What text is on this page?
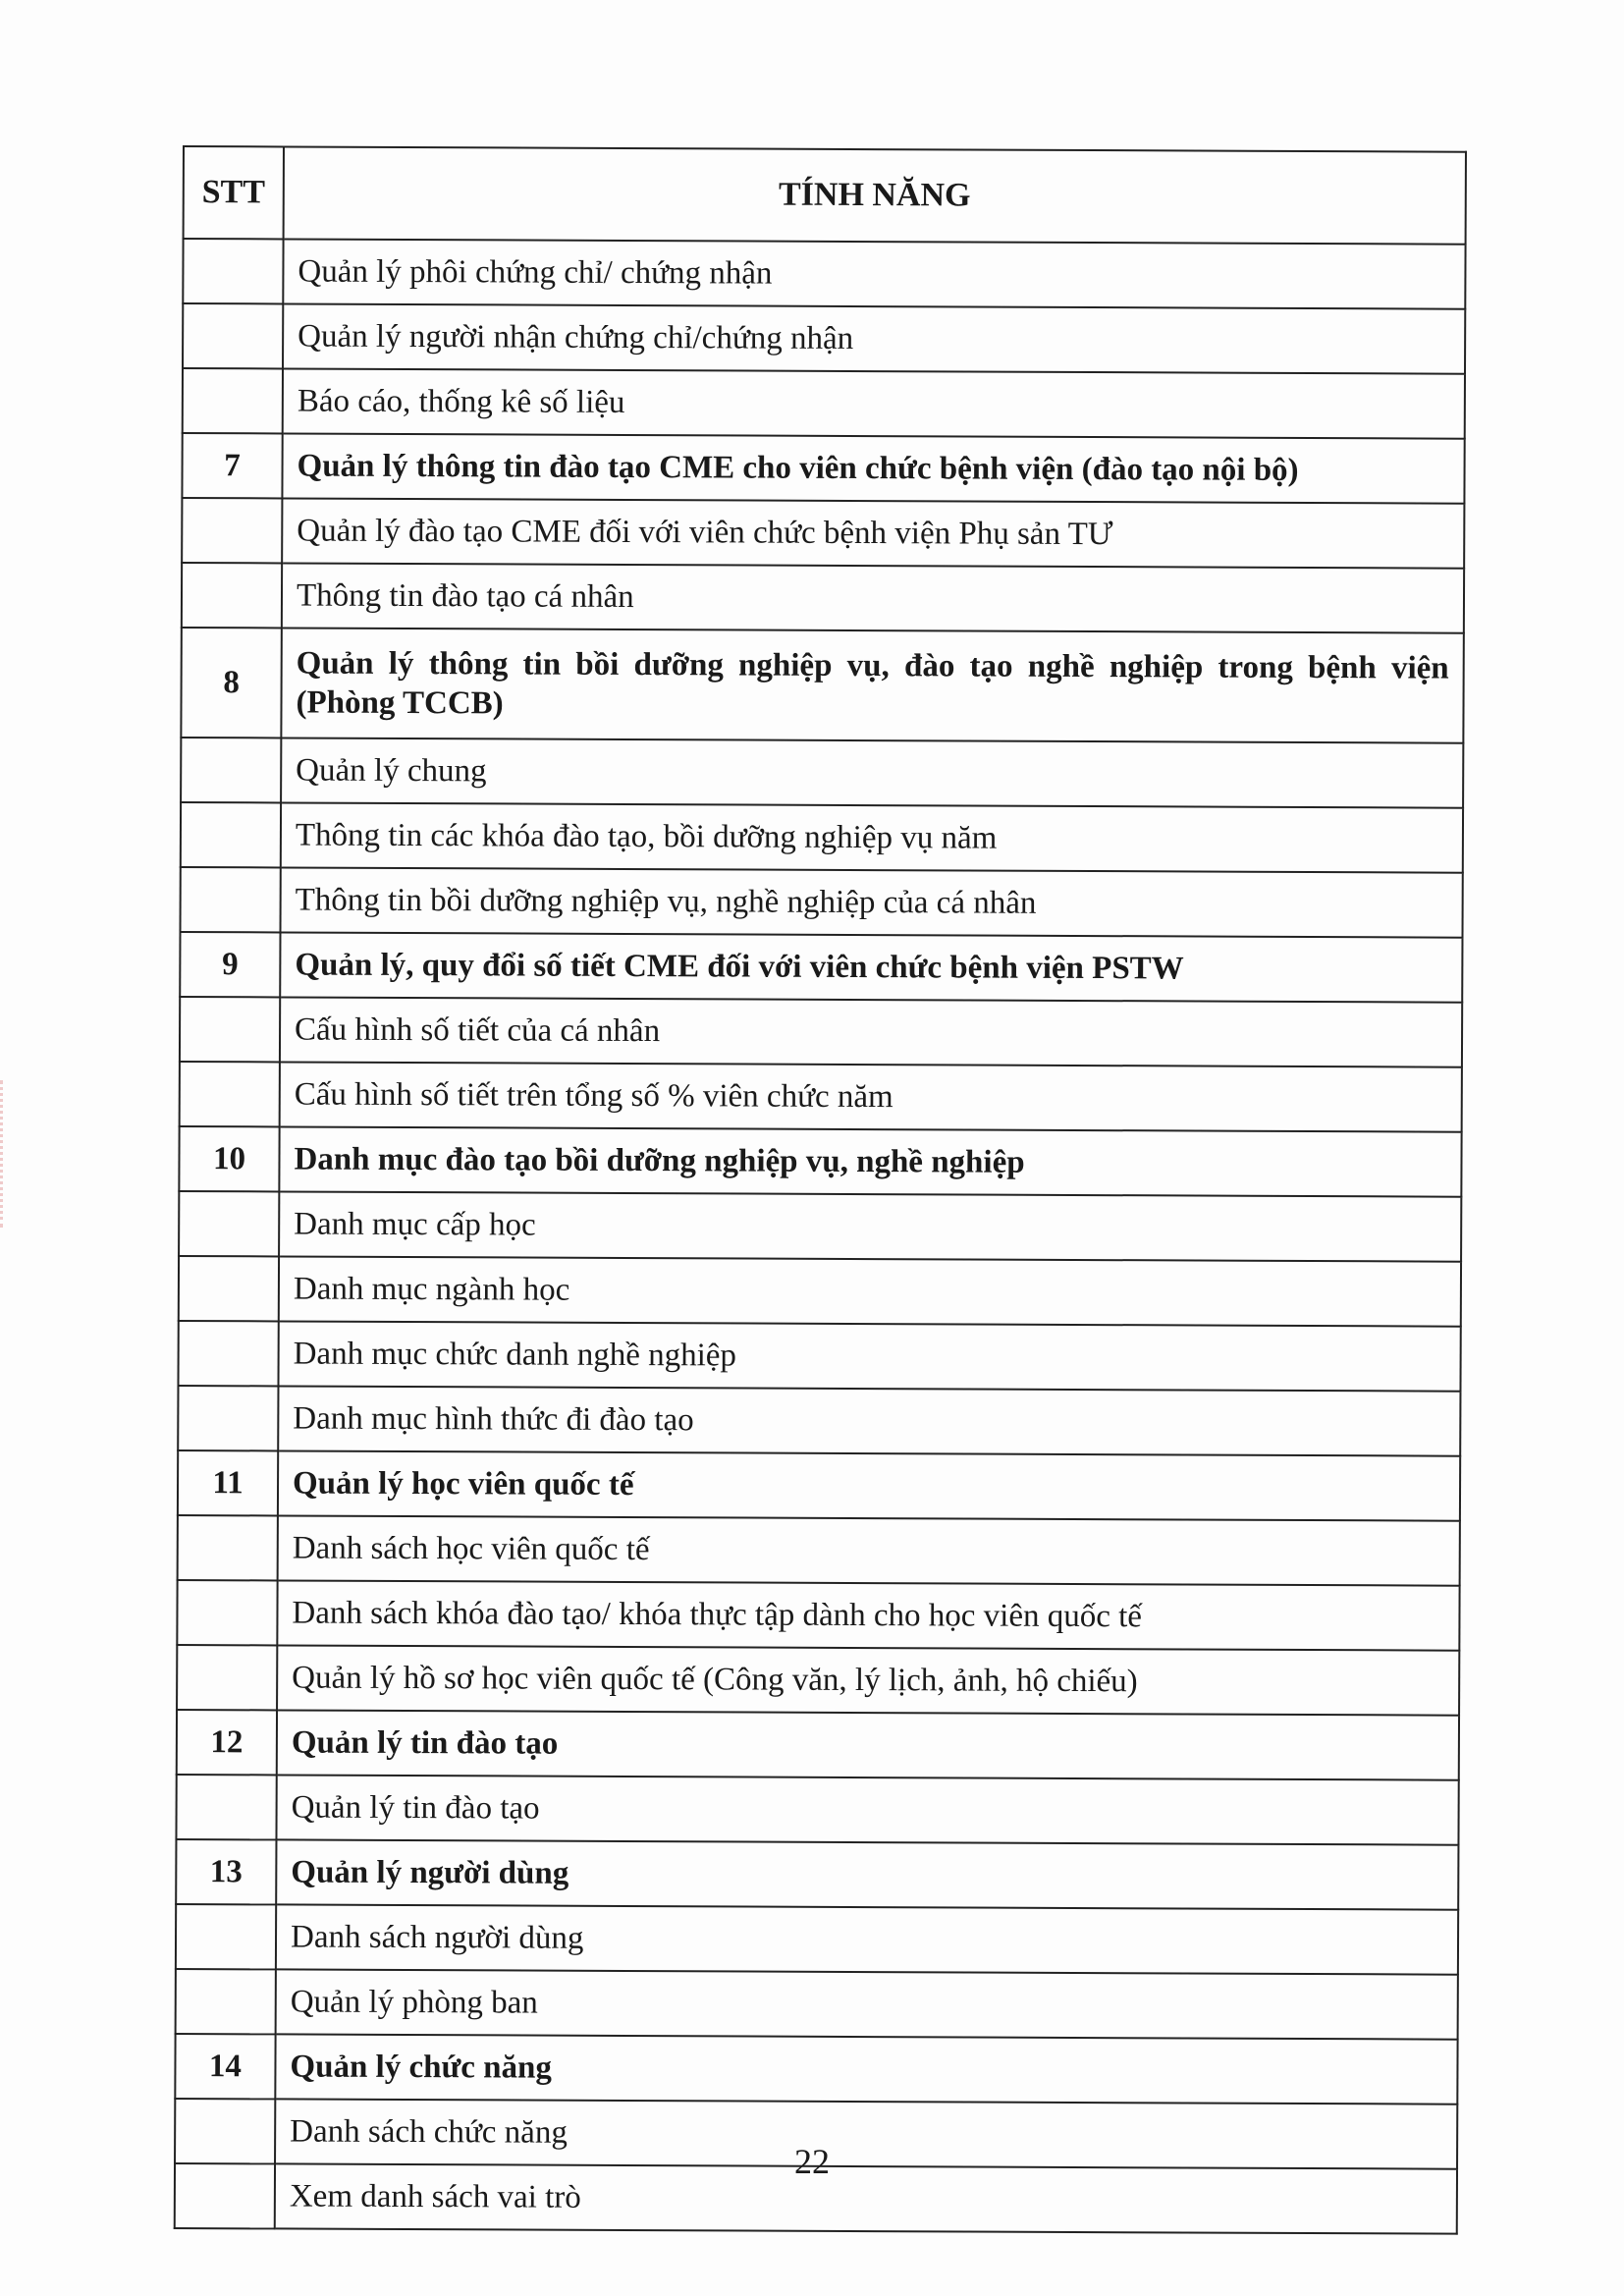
STT	TÍNH NĂNG
	Quản lý phôi chứng chỉ/ chứng nhận
	Quản lý người nhận chứng chỉ/chứng nhận
	Báo cáo, thống kê số liệu
7	Quản lý thông tin đào tạo CME cho viên chức bệnh viện (đào tạo nội bộ)
	Quản lý đào tạo CME đối với viên chức bệnh viện Phụ sản TƯ
	Thông tin đào tạo cá nhân
8	Quản lý thông tin bồi dưỡng nghiệp vụ, đào tạo nghề nghiệp trong bệnh viện (Phòng TCCB)
	Quản lý chung
	Thông tin các khóa đào tạo, bồi dưỡng nghiệp vụ năm
	Thông tin bồi dưỡng nghiệp vụ, nghề nghiệp của cá nhân
9	Quản lý, quy đổi số tiết CME đối với viên chức bệnh viện PSTW
	Cấu hình số tiết của cá nhân
	Cấu hình số tiết trên tổng số % viên chức năm
10	Danh mục đào tạo bồi dưỡng nghiệp vụ, nghề nghiệp
	Danh mục cấp học
	Danh mục ngành học
	Danh mục chức danh nghề nghiệp
	Danh mục hình thức đi đào tạo
11	Quản lý học viên quốc tế
	Danh sách học viên quốc tế
	Danh sách khóa đào tạo/ khóa thực tập dành cho học viên quốc tế
	Quản lý hồ sơ học viên quốc tế (Công văn, lý lịch, ảnh, hộ chiếu)
12	Quản lý tin đào tạo
	Quản lý tin đào tạo
13	Quản lý người dùng
	Danh sách người dùng
	Quản lý phòng ban
14	Quản lý chức năng
	Danh sách chức năng
	Xem danh sách vai trò
22
